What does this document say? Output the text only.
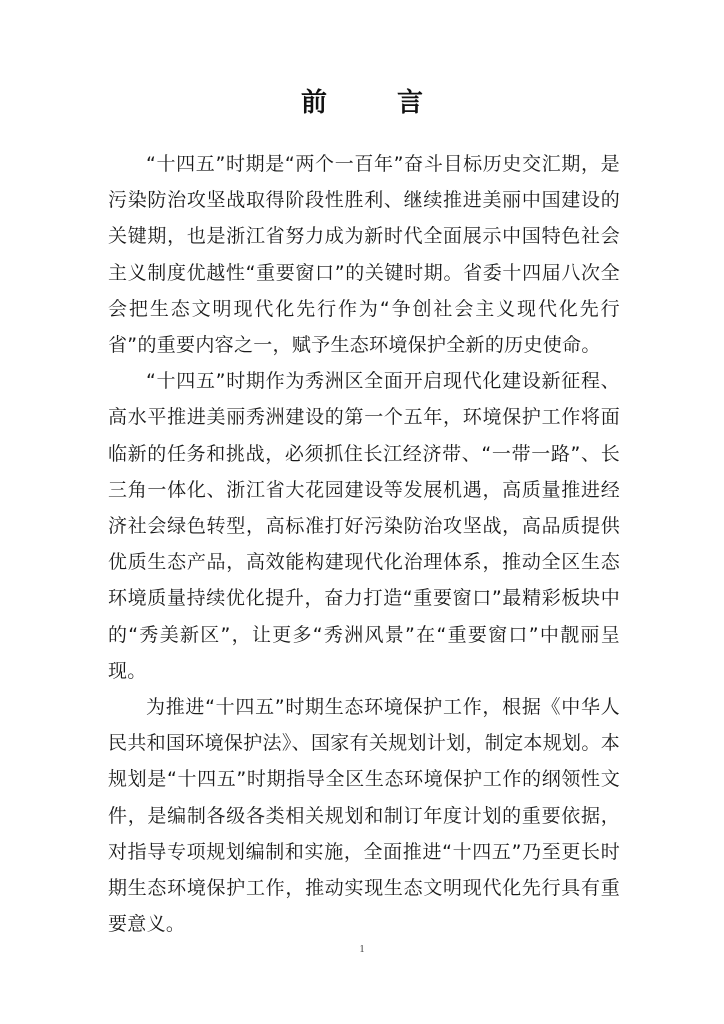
前　言

“十四五”时期是“两个一百年”奋斗目标历史交汇期，是污染防治攻坚战取得阶段性胜利、继续推进美丽中国建设的关键期，也是浙江省努力成为新时代全面展示中国特色社会主义制度优越性“重要窗口”的关键时期。省委十四届八次全会把生态文明现代化先行作为“争创社会主义现代化先行省”的重要内容之一，赋予生态环境保护全新的历史使命。

“十四五”时期作为秀洲区全面开启现代化建设新征程、高水平推进美丽秀洲建设的第一个五年，环境保护工作将面临新的任务和挑战，必须抓住长江经济带、“一带一路”、长三角一体化、浙江省大花园建设等发展机遇，高质量推进经济社会绿色转型，高标准打好污染防治攻坚战，高品质提供优质生态产品，高效能构建现代化治理体系，推动全区生态环境质量持续优化提升，奋力打造“重要窗口”最精彩板块中的“秀美新区”，让更多“秀洲风景”在“重要窗口”中靓丽呈现。

为推进“十四五”时期生态环境保护工作，根据《中华人民共和国环境保护法》、国家有关规划计划，制定本规划。本规划是“十四五”时期指导全区生态环境保护工作的纲领性文件，是编制各级各类相关规划和制订年度计划的重要依据，对指导专项规划编制和实施，全面推进“十四五”乃至更长时期生态环境保护工作，推动实现生态文明现代化先行具有重要意义。

1
